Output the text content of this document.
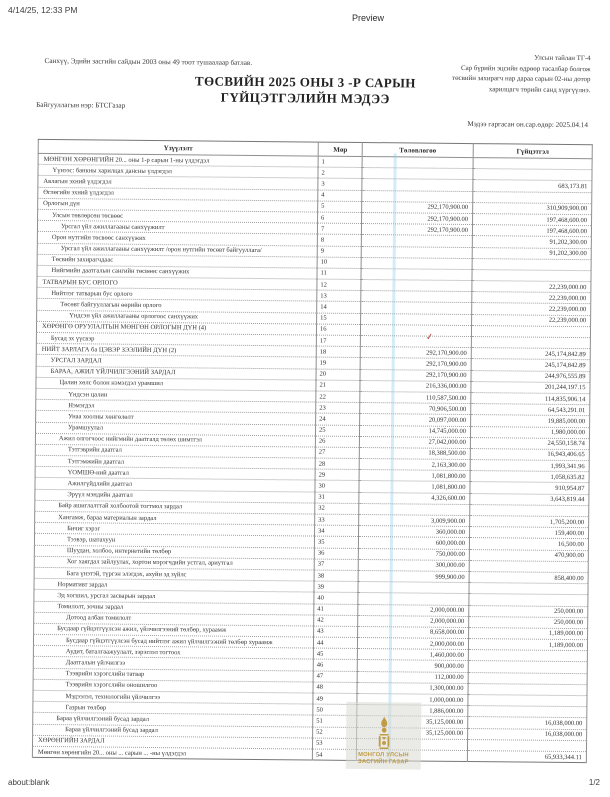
4/14/25, 12:33 PM
Preview
about:blank	1/2
Санхүү, Эдийн засгийн сайдын 2003 оны 49 тоот тушаалаар батлав.	Улсын тайлан ТГ-4
Сар бүрийн эцсийн өдрөөр тасалбар болгож
төсвийн захирагч нар дараа сарын 02-ны дотор
харилцагч төрийн санд хүргүүлнэ.
ТӨСВИЙН 2025 ОНЫ 3 -Р САРЫН
ГҮЙЦЭТГЭЛИЙН МЭДЭЭ
Байгууллагын нэр: БТСГазар
Мэдээ гаргасан он.сар.өдөр: 2025.04.14
Үзүүлэлт	Мөр	Төлөвлөгөө	Гүйцэтгэл
МӨНГӨН ХӨРӨНГИЙН 20... оны 1-р сарын 1-ны үлдэгдэл	1		
Үүнээс: банкны харилцах дансны үлдэгдэл	2		
Авлагын эхний үлдэгдэл	3		683,173.81
Өглөгийн эхний үлдэгдэл	4		
Орлогын дүн	5	292,170,900.00	310,909,900.00
Улсын төвлөрсөн төсвөөс	6	292,170,900.00	197,468,600.00
Урсгал үйл ажиллагааны санхүүжилт	7	292,170,900.00	197,468,600.00
Орон нутгийн төсвөөс санхүүжих	8		91,202,300.00
Урсгал үйл ажиллагааны санхүүжилт /орон нутгийн төсөвт байгууллага/	9		91,202,300.00
Төсвийн захирагчдаас	10		
Нийгмийн даатгалын сангийн төсвөөс санхүүжих	11		
ТАТВАРЫН БУС ОРЛОГО	12		22,239,000.00
Нийтлэг татварын бус орлого	13		22,239,000.00
Төсөвт байгууллагын өөрийн орлого	14		22,239,000.00
Үндсэн үйл ажиллагааны орлогоос санхүүжих	15		22,239,000.00
ХӨРӨНГӨ ОРУУЛАЛТЫН МӨНГӨН ОРЛОГЫН ДҮН (4)	16		
Бусад эх үүсвэр	17		
НИЙТ ЗАРЛАГА ба ЦЭВЭР ЗЭЭЛИЙН ДҮН (2)	18	292,170,900.00	245,174,842.89
УРСГАЛ ЗАРДАЛ	19	292,170,900.00	245,174,842.89
БАРАА, АЖИЛ ҮЙЛЧИЛГЭЭНИЙ ЗАРДАЛ	20	292,170,900.00	244,976,555.89
Цалин хөлс болон нэмэгдэл урамшил	21	216,336,000.00	201,244,197.15
Үндсэн цалин	22	110,587,500.00	114,835,906.14
Нэмэгдэл	23	70,906,500.00	64,543,291.01
Унаа хоолны хөнгөлөлт	24	20,097,000.00	19,885,000.00
Урамшуулал	25	14,745,000.00	1,980,000.00
Ажил олгогчоос нийгмийн даатгалд төлөх шимтгэл	26	27,042,000.00	24,550,158.74
Тэтгэврийн даатгал	27	18,388,500.00	16,943,406.65
Тэтгэмжийн даатгал	28	2,163,300.00	1,993,341.96
ҮОМШӨ-ний даатгал	29	1,081,800.00	1,058,635.82
Ажилгүйдлийн даатгал	30	1,081,800.00	910,954.87
Эрүүл мэндийн даатгал	31	4,326,600.00	3,643,819.44
Байр ашиглалттай холбоотой тогтмол зардал	32		
Хангамж, бараа материалын зардал	33	3,009,900.00	1,705,200.00
Бичиг хэрэг	34	360,000.00	159,400.00
Тээвэр, шатахуун	35	600,000.00	16,500.00
Шуудан, холбоо, интернетийн төлбөр	36	750,000.00	470,900.00
Хог хаягдал зайлуулах, хортон мэрэгчдийн устгал, ариутгал	37	300,000.00	
Бага үнэтэй, түргэн элэгдэх, ахуйн эд зүйлс	38	999,900.00	858,400.00
Нормативт зардал	39		
Эд хогшил, урсгал засварын зардал	40		
Томилолт, зочны зардал	41	2,000,000.00	250,000.00
Дотоод албан томилолт	42	2,000,000.00	250,000.00
Бусдаар гүйцэтгүүлсэн ажил, үйлчилгээний төлбөр, хураамж	43	8,658,000.00	1,189,000.00
Бусдаар гүйцэтгүүлсэн бусад нийтлэг ажил үйлчилгээний төлбөр хураамж	44	2,000,000.00	1,189,000.00
Аудит, баталгаажуулалт, зэрэглэл тогтоох	45	1,460,000.00	
Даатгалын үйлчилгээ	46	900,000.00	
Тээврийн хэрэгслийн татвар	47	112,000.00	
Тээврийн хэрэгслийн оношилгоо	48	1,300,000.00	
Мэдээлэл, технологийн үйлчилгээ	49	1,000,000.00	
Газрын төлбөр	50	1,886,000.00	
Бараа үйлчилгээний бусад зардал	51	35,125,000.00	16,038,000.00
Бараа үйлчилгээний бусад зардал	52	35,125,000.00	16,038,000.00
ХӨРӨНГИЙН ЗАРДАЛ	53		
Мөнгөн хөрөнгийн 20... оны ... сарын ... -ны үлдэгдэл	54		65,933,344.11
✓
МОНГОЛ УЛСЫН
ЗАСГИЙН ГАЗАР
